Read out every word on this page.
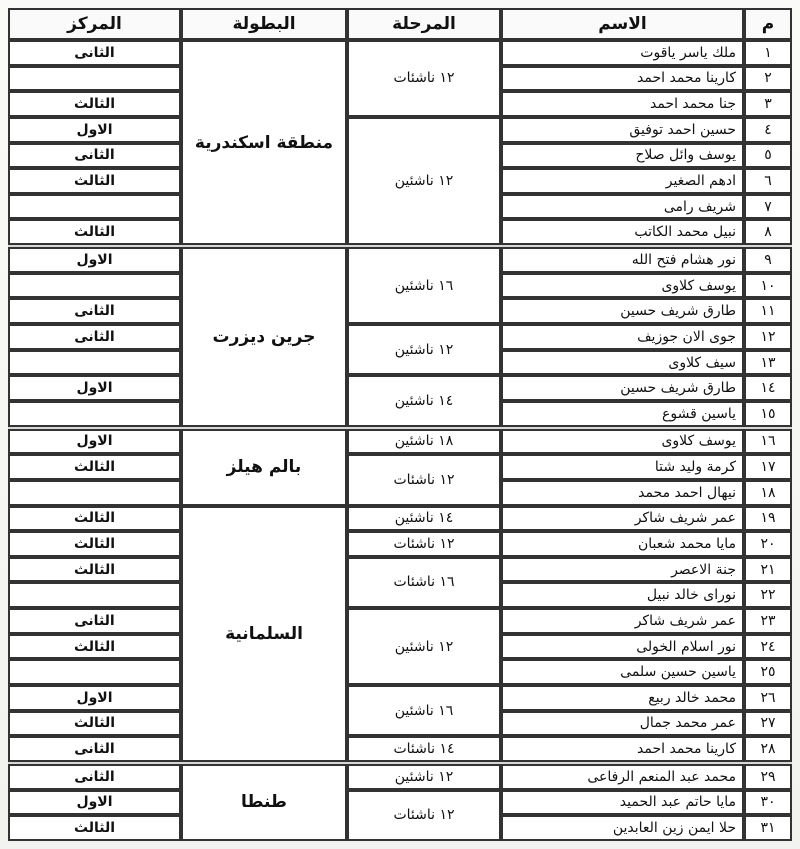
م	الاسم	المرحلة	البطولة	المركز
١	ملك ياسر ياقوت	١٢ ناشئات	منطقة اسكندرية	الثانى
٢	كارينا محمد احمد			
٣	جنا محمد احمد			الثالث
٤	حسين احمد توفيق	١٢ ناشئين		الاول
٥	يوسف وائل صلاح			الثانى
٦	ادهم الصغير			الثالث
٧	شريف رامى			
٨	نبيل محمد الكاتب			الثالث

٩	نور هشام فتح الله	١٦ ناشئين	جرين ديزرت	الاول
١٠	يوسف كلاوى			
١١	طارق شريف حسين			الثانى
١٢	جوى الان جوزيف	١٢ ناشئين		الثانى
١٣	سيف كلاوى			
١٤	طارق شريف حسين	١٤ ناشئين		الاول
١٥	ياسين قشوع			

١٦	يوسف كلاوى	١٨ ناشئين	بالم هيلز	الاول
١٧	كرمة وليد شتا	١٢ ناشئات		الثالث
١٨	نيهال احمد محمد			
١٩	عمر شريف شاكر	١٤ ناشئين	السلمانية	الثالث
٢٠	مايا محمد شعبان	١٢ ناشئات		الثالث
٢١	جنة الاعصر	١٦ ناشئات		الثالث
٢٢	نوراى خالد نبيل			
٢٣	عمر شريف شاكر	١٢ ناشئين		الثانى
٢٤	نور اسلام الخولى			الثالث
٢٥	ياسين حسين سلمى			
٢٦	محمد خالد ربيع	١٦ ناشئين		الاول
٢٧	عمر محمد جمال			الثالث
٢٨	كارينا محمد احمد	١٤ ناشئات		الثانى

٢٩	محمد عبد المنعم الرفاعى	١٢ ناشئين	طنطا	الثانى
٣٠	مايا حاتم عبد الحميد	١٢ ناشئات		الاول
٣١	حلا ايمن زين العابدين			الثالث
